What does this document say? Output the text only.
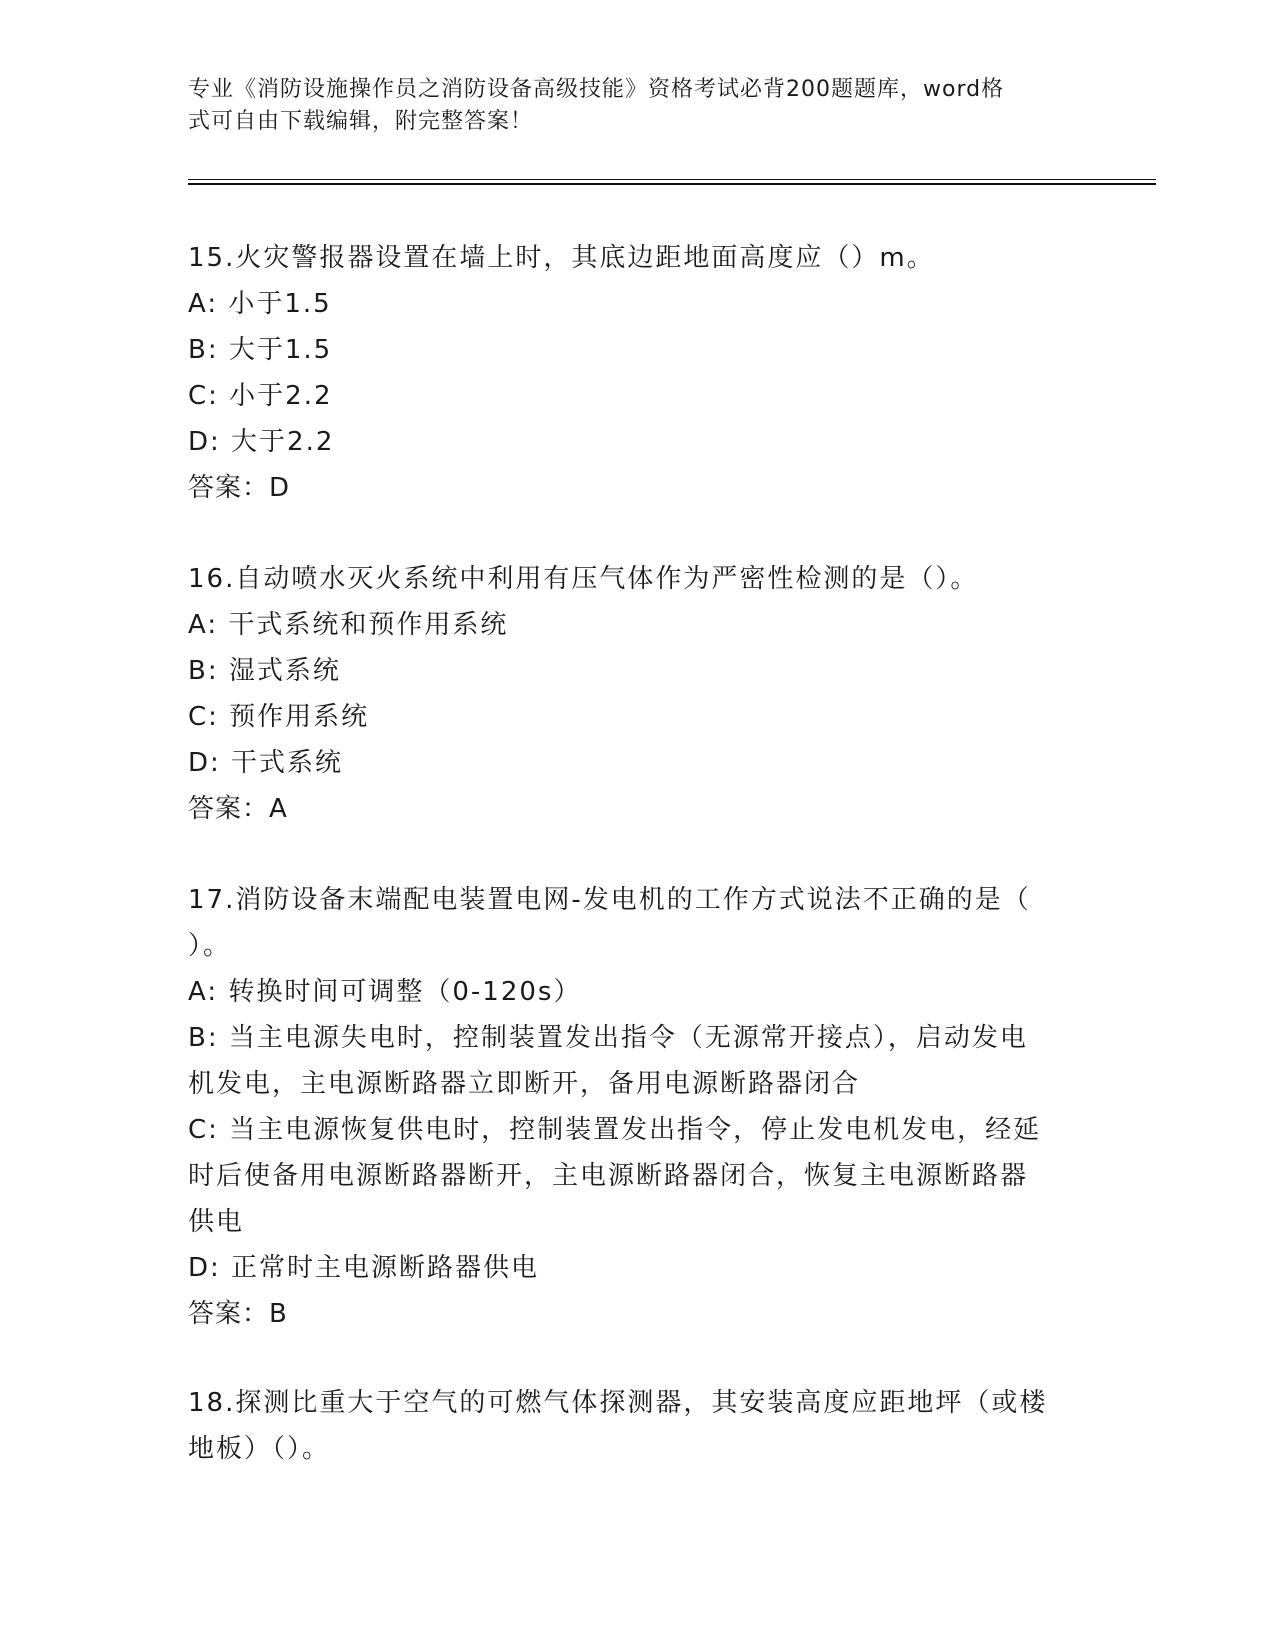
专业《消防设施操作员之消防设备高级技能》资格考试必背200题题库，word格
式可自由下载编辑，附完整答案！
15.火灾警报器设置在墙上时，其底边距地面高度应（）m。
A: 小于1.5
B: 大于1.5
C: 小于2.2
D: 大于2.2
答案：D
16.自动喷水灭火系统中利用有压气体作为严密性检测的是（）。
A: 干式系统和预作用系统
B: 湿式系统
C: 预作用系统
D: 干式系统
答案：A
17.消防设备末端配电装置电网-发电机的工作方式说法不正确的是（
）。
A: 转换时间可调整（0-120s）
B: 当主电源失电时，控制装置发出指令（无源常开接点），启动发电
机发电，主电源断路器立即断开，备用电源断路器闭合
C: 当主电源恢复供电时，控制装置发出指令，停止发电机发电，经延
时后使备用电源断路器断开，主电源断路器闭合，恢复主电源断路器
供电
D: 正常时主电源断路器供电
答案：B
18.探测比重大于空气的可燃气体探测器，其安装高度应距地坪（或楼
地板）（）。
